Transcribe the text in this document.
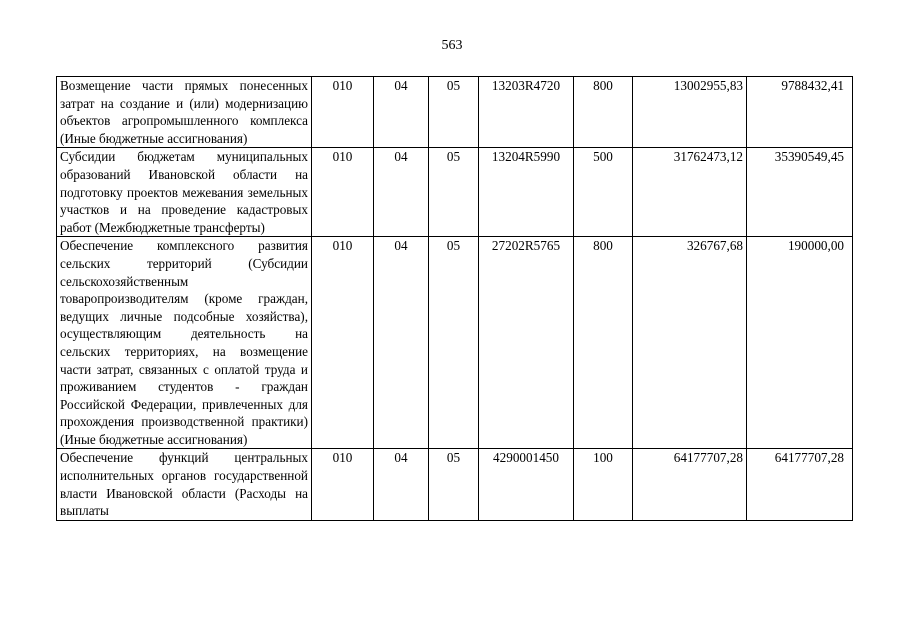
563
Возмещение части прямых понесенных затрат на создание и (или) модернизацию объектов агропромышленного комплекса (Иные бюджетные ассигнования)	010	04	05	13203R4720	800	13002955,83	9788432,41
Субсидии бюджетам муниципальных образований Ивановской области на подготовку проектов межевания земельных участков и на проведение кадастровых работ (Межбюджетные трансферты)	010	04	05	13204R5990	500	31762473,12	35390549,45
Обеспечение комплексного развития сельских территорий (Субсидии сельскохозяйственным товаропроизводителям (кроме граждан, ведущих личные подсобные хозяйства), осуществляющим деятельность на сельских территориях, на возмещение части затрат, связанных с оплатой труда и проживанием студентов - граждан Российской Федерации, привлеченных для прохождения производственной практики) (Иные бюджетные ассигнования)	010	04	05	27202R5765	800	326767,68	190000,00
Обеспечение функций центральных исполнительных органов государственной власти Ивановской области (Расходы на выплаты	010	04	05	4290001450	100	64177707,28	64177707,28
